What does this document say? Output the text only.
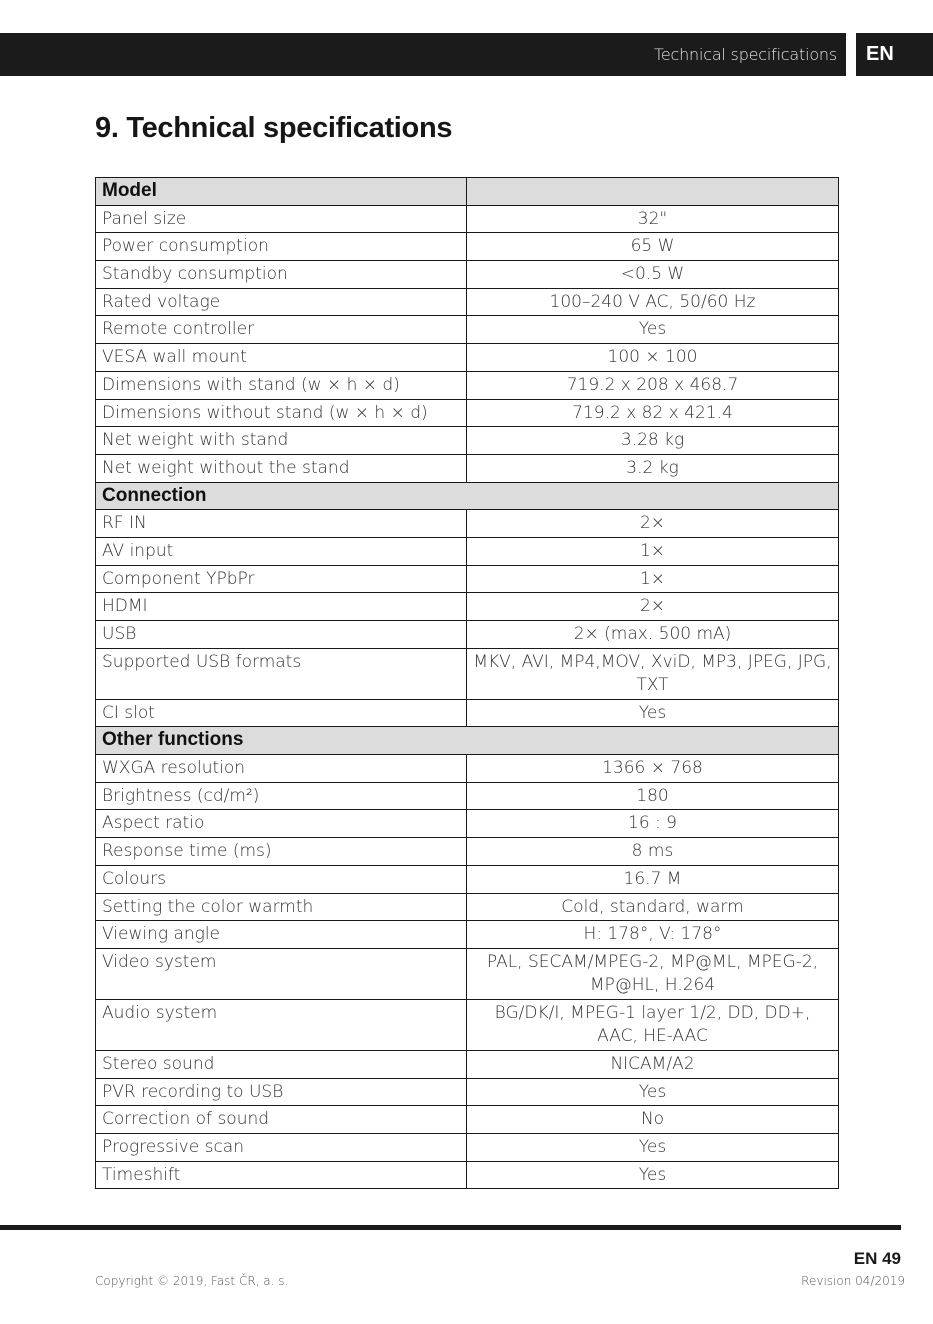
Technical specifications	EN
9. Technical specifications
Model	
Panel size	32"
Power consumption	65 W
Standby consumption	<0.5 W
Rated voltage	100–240 V AC, 50/60 Hz
Remote controller	Yes
VESA wall mount	100 × 100
Dimensions with stand (w × h × d)	719.2 x 208 x 468.7
Dimensions without stand (w × h × d)	719.2 x 82 x 421.4
Net weight with stand	3.28 kg
Net weight without the stand	3.2 kg
Connection	
RF IN	2×
AV input	1×
Component YPbPr	1×
HDMI	2×
USB	2× (max. 500 mA)
Supported USB formats	MKV, AVI, MP4,MOV, XviD, MP3, JPEG, JPG, TXT
CI slot	Yes
Other functions	
WXGA resolution	1366 × 768
Brightness (cd/m²)	180
Aspect ratio	16 : 9
Response time (ms)	8 ms
Colours	16.7 M
Setting the color warmth	Cold, standard, warm
Viewing angle	H: 178°, V: 178°
Video system	PAL, SECAM/MPEG-2, MP@ML, MPEG-2, MP@HL, H.264
Audio system	BG/DK/I, MPEG-1 layer 1/2, DD, DD+, AAC, HE-AAC
Stereo sound	NICAM/A2
PVR recording to USB	Yes
Correction of sound	No
Progressive scan	Yes
Timeshift	Yes
EN 49
Copyright © 2019, Fast ČR, a. s.	Revision 04/2019
